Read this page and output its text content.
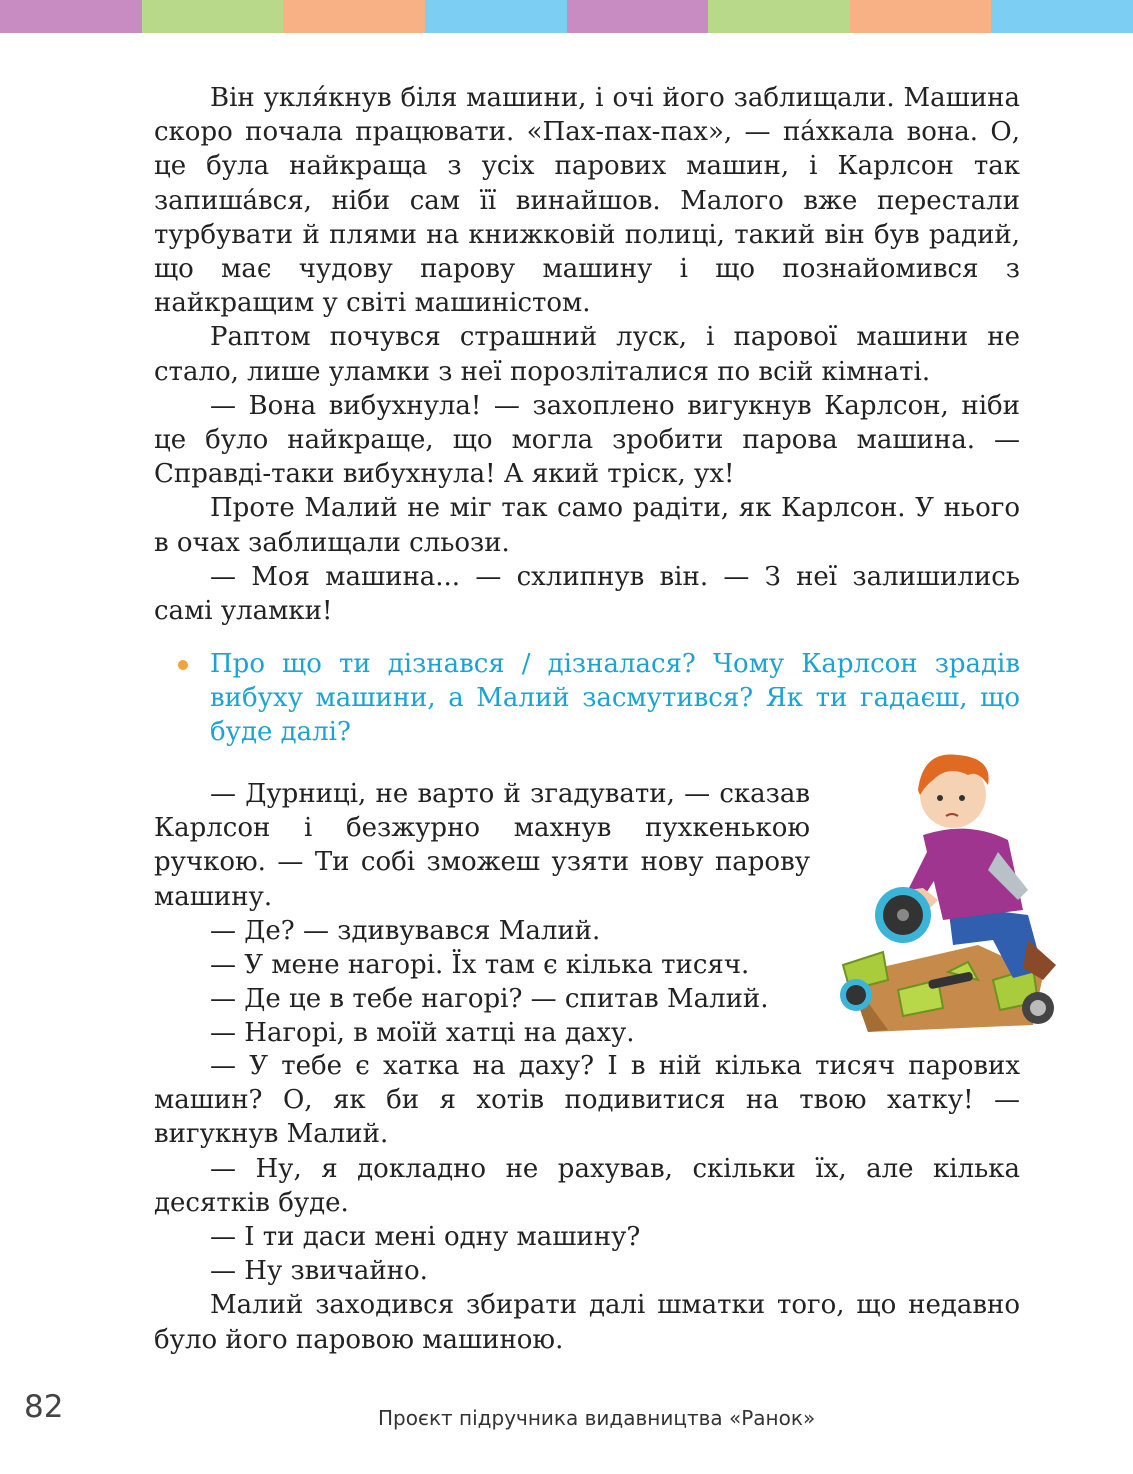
Він укля́кнув біля машини, і очі його заблищали. Машина скоро почала працювати. «Пах-пах-пах», — па́хкала вона. О, це була найкраща з усіх парових машин, і Карлсон так запиша́вся, ніби сам її винайшов. Малого вже перестали турбувати й плями на книжковій полиці, такий він був радий, що має чудову парову машину і що познайомився з найкращим у світі машиністом.

Раптом почувся страшний луск, і парової машини не стало, лише уламки з неї порозліталися по всій кімнаті.

— Вона вибухнула! — захоплено вигукнув Карлсон, ніби це було найкраще, що могла зробити парова машина. — Справді-таки вибухнула! А який тріск, ух!

Проте Малий не міг так само радіти, як Карлсон. У нього в очах заблищали сльози.

— Моя машина... — схлипнув він. — З неї залишились самі уламки!

Про що ти дізнався / дізналася? Чому Карлсон зрадів вибуху машини, а Малий засмутився? Як ти гадаєш, що буде далі?

— Дурниці, не варто й згадувати, — сказав Карлсон і безжурно махнув пухкенькою ручкою. — Ти собі зможеш узяти нову парову машину.

— Де? — здивувався Малий.

— У мене нагорі. Їх там є кілька тисяч.

— Де це в тебе нагорі? — спитав Малий.

— Нагорі, в моїй хатці на даху.

— У тебе є хатка на даху? І в ній кілька тисяч парових машин? О, як би я хотів подивитися на твою хатку! — вигукнув Малий.

— Ну, я докладно не рахував, скільки їх, але кілька десятків буде.

— І ти даси мені одну машину?

— Ну звичайно.

Малий заходився збирати далі шматки того, що недавно було його паровою машиною.

82	Проєкт підручника видавництва «Ранок»
